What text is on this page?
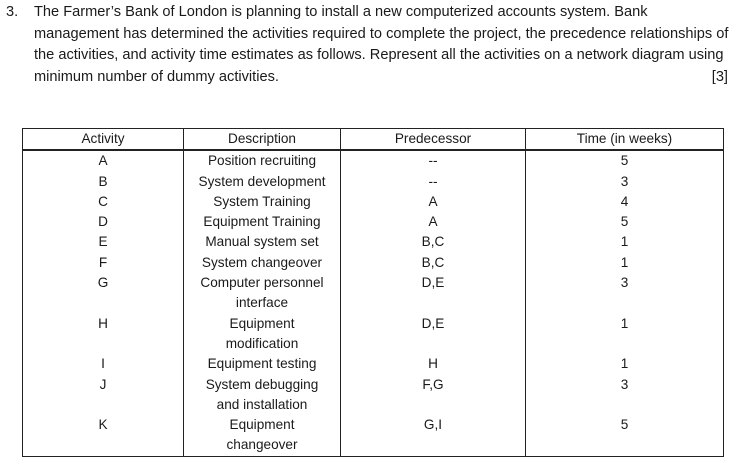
3. The Farmer’s Bank of London is planning to install a new computerized accounts system. Bank management has determined the activities required to complete the project, the precedence relationships of the activities, and activity time estimates as follows. Represent all the activities on a network diagram using minimum number of dummy activities.	[3]
Activity	Description	Predecessor	Time (in weeks)
A	Position recruiting	--	5
B	System development	--	3
C	System Training	A	4
D	Equipment Training	A	5
E	Manual system set	B,C	1
F	System changeover	B,C	1
G	Computer personnel
interface	D,E	3
H	Equipment
modification	D,E	1
I	Equipment testing	H	1
J	System debugging
and installation	F,G	3
K	Equipment
changeover	G,I	5
